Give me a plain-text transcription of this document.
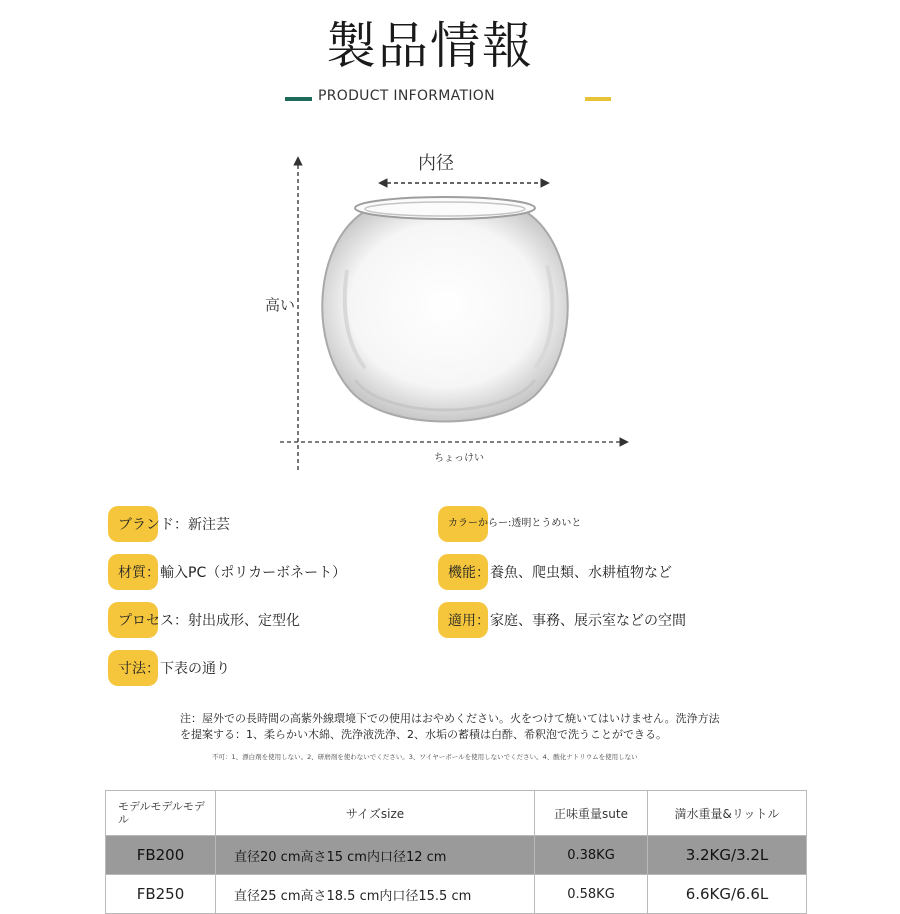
製品情報
PRODUCT INFORMATION
内径
高い
ちょっけい
ブランド：新注芸	カラーからー:透明とうめいと
材質：輸入PC（ポリカーボネート）	機能：養魚、爬虫類、水耕植物など
プロセス：射出成形、定型化	適用：家庭、事務、展示室などの空間
寸法：下表の通り
注：屋外での長時間の高紫外線環境下での使用はおやめください。火をつけて焼いてはいけません。洗浄方法を提案する：1、柔らかい木綿、洗浄液洗浄、2、水垢の蓄積は白酢、希釈泡で洗うことができる。
不可：1、漂白剤を使用しない。2、研磨剤を使わないでください。3、ワイヤーボールを使用しないでください。4、酸化ナトリウムを使用しない
モデルモデルモデル	サイズsize	正味重量sute	満水重量&リットル
FB200	直径20 cm高さ15 cm内口径12 cm	0.38KG	3.2KG/3.2L
FB250	直径25 cm高さ18.5 cm内口径15.5 cm	0.58KG	6.6KG/6.6L
